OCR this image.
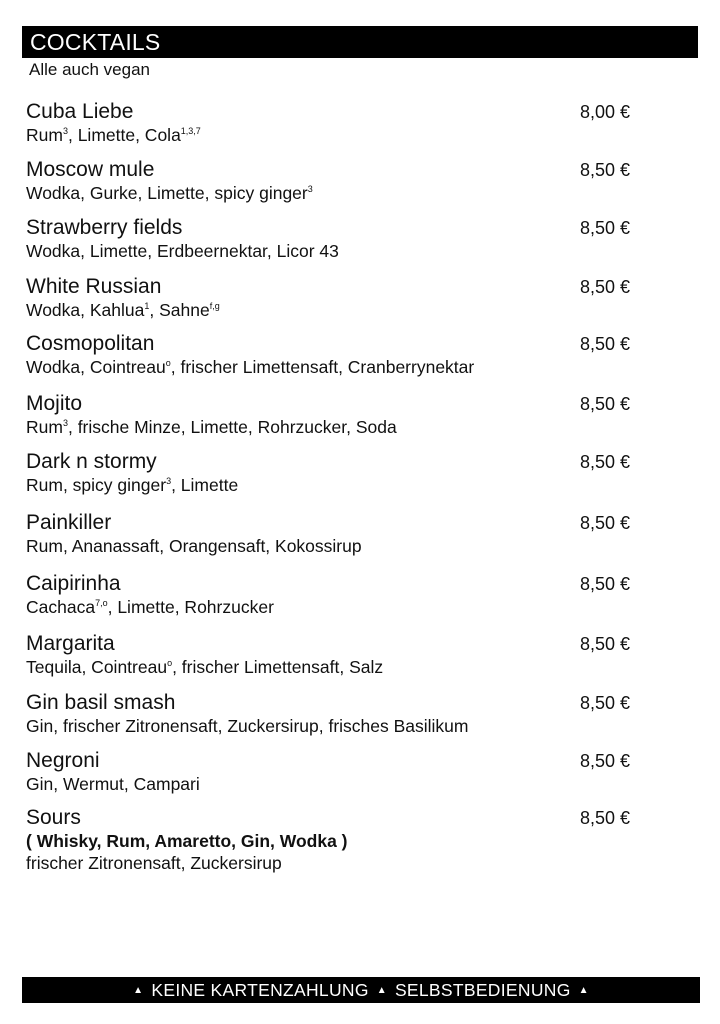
COCKTAILS
Alle auch vegan
Cuba Liebe	8,00 €
Rum$^3$, Limette, Cola$^{1,3,7}$
Moscow mule	8,50 €
Wodka, Gurke, Limette, spicy ginger$^3$
Strawberry fields	8,50 €
Wodka, Limette, Erdbeernektar, Licor 43
White Russian	8,50 €
Wodka, Kahlua$^1$, Sahne$^{f,g}$
Cosmopolitan	8,50 €
Wodka, Cointreau$^o$, frischer Limettensaft, Cranberrynektar
Mojito	8,50 €
Rum$^3$, frische Minze, Limette, Rohrzucker, Soda
Dark n stormy	8,50 €
Rum, spicy ginger$^3$, Limette
Painkiller	8,50 €
Rum, Ananassaft, Orangensaft, Kokossirup
Caipirinha	8,50 €
Cachaca$^{7,o}$, Limette, Rohrzucker
Margarita	8,50 €
Tequila, Cointreau$^o$, frischer Limettensaft, Salz
Gin basil smash	8,50 €
Gin, frischer Zitronensaft, Zuckersirup, frisches Basilikum
Negroni	8,50 €
Gin, Wermut, Campari
Sours	8,50 €
( Whisky, Rum, Amaretto, Gin, Wodka )
frischer Zitronensaft, Zuckersirup
▲ KEINE KARTENZAHLUNG ▲ SELBSTBEDIENUNG ▲
